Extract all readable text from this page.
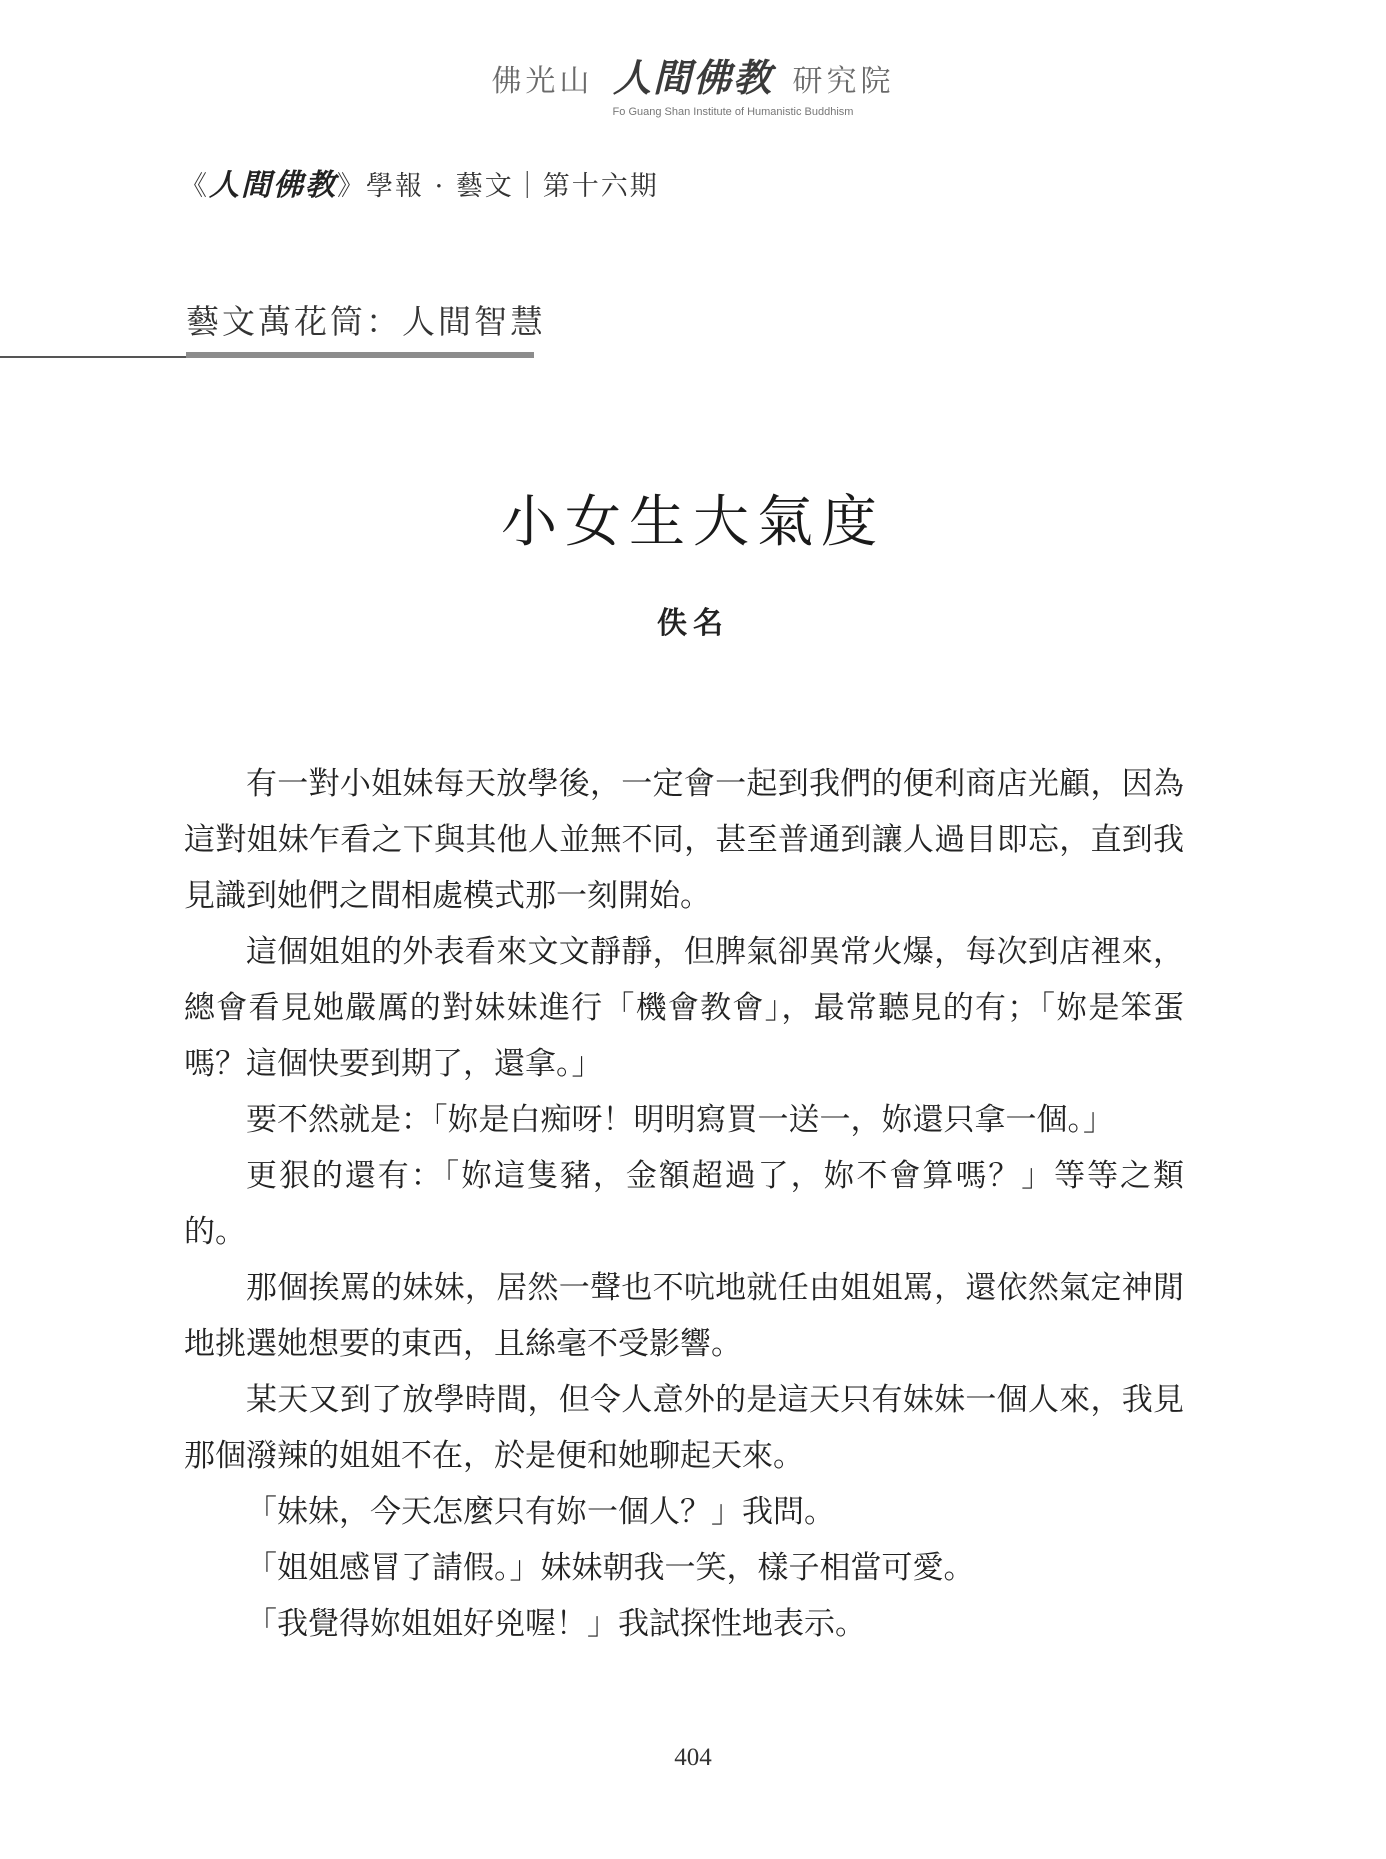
佛光山 人間佛教 研究院
Fo Guang Shan Institute of Humanistic Buddhism
《人間佛教》學報 · 藝文｜第十六期
藝文萬花筒：人間智慧
小女生大氣度
佚名

有一對小姐妹每天放學後，一定會一起到我們的便利商店光顧，因為這對姐妹乍看之下與其他人並無不同，甚至普通到讓人過目即忘，直到我見識到她們之間相處模式那一刻開始。

這個姐姐的外表看來文文靜靜，但脾氣卻異常火爆，每次到店裡來，總會看見她嚴厲的對妹妹進行「機會教會」，最常聽見的有；「妳是笨蛋嗎？這個快要到期了，還拿。」

要不然就是：「妳是白痴呀！明明寫買一送一，妳還只拿一個。」

更狠的還有：「妳這隻豬，金額超過了，妳不會算嗎？」等等之類的。

那個挨罵的妹妹，居然一聲也不吭地就任由姐姐罵，還依然氣定神閒地挑選她想要的東西，且絲毫不受影響。

某天又到了放學時間，但令人意外的是這天只有妹妹一個人來，我見那個潑辣的姐姐不在，於是便和她聊起天來。

「妹妹，今天怎麼只有妳一個人？」我問。

「姐姐感冒了請假。」妹妹朝我一笑，樣子相當可愛。

「我覺得妳姐姐好兇喔！」我試探性地表示。

404
